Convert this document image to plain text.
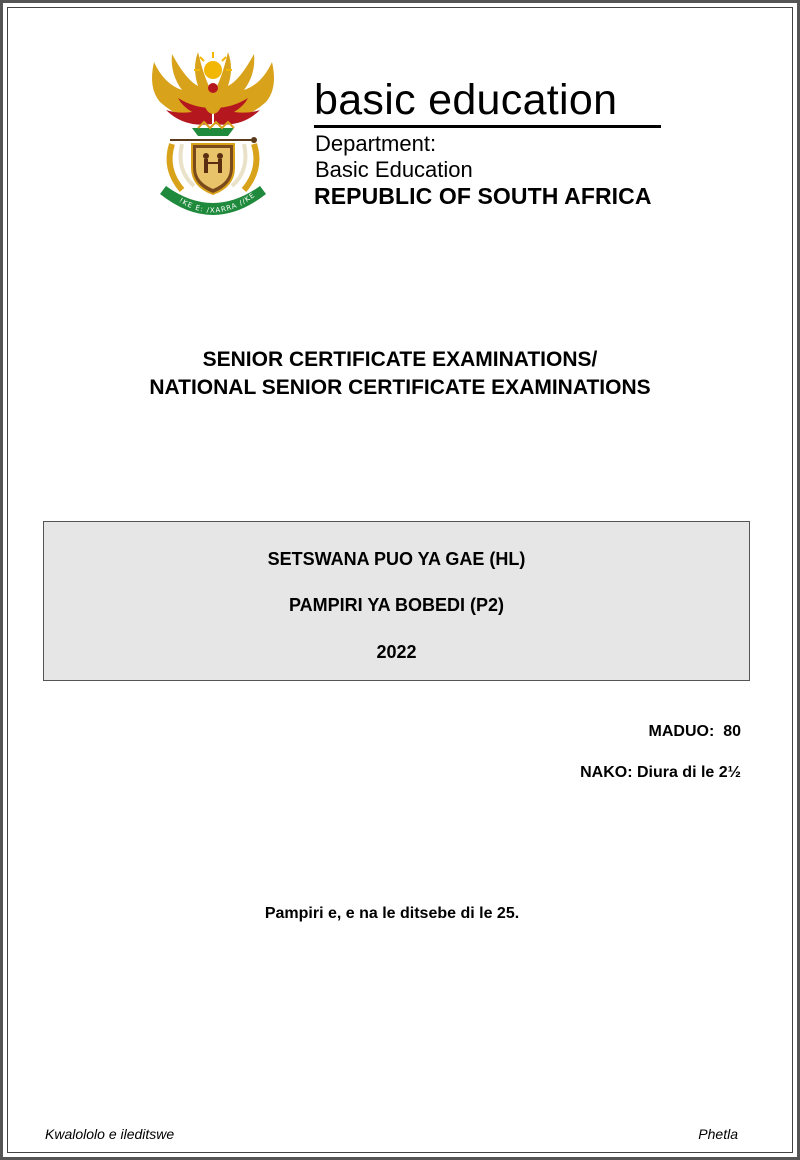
!KE E: /XARRA //KE
basic education
Department:
Basic Education
REPUBLIC OF SOUTH AFRICA
SENIOR CERTIFICATE EXAMINATIONS/
NATIONAL SENIOR CERTIFICATE EXAMINATIONS
SETSWANA PUO YA GAE (HL)
PAMPIRI YA BOBEDI (P2)
2022
MADUO:  80
NAKO: Diura di le 2½
Pampiri e, e na le ditsebe di le 25.
Kwalololo e ileditswe	Phetla
